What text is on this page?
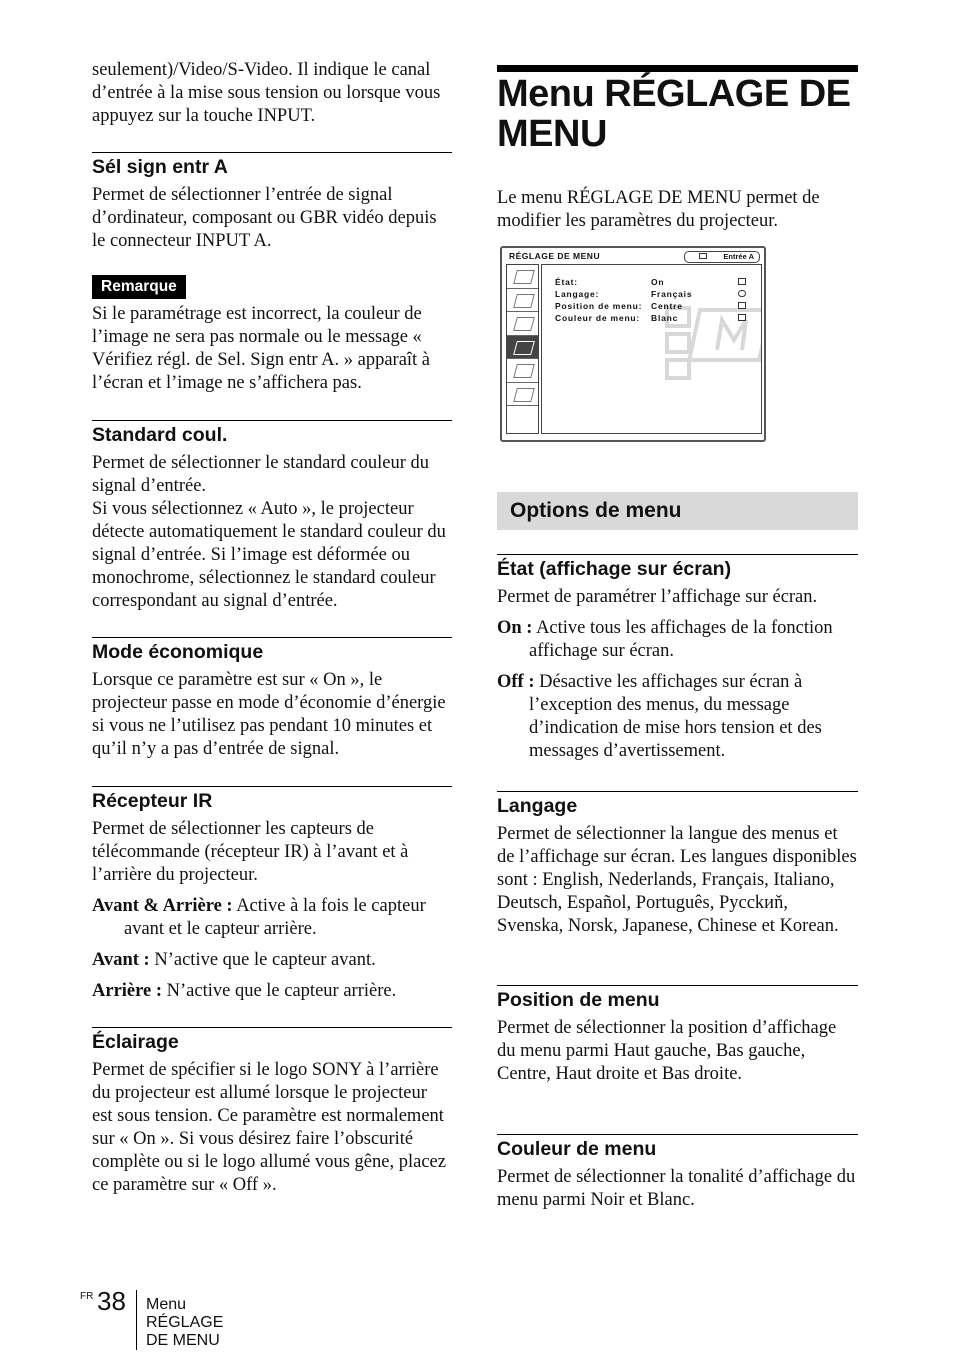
seulement)/Video/S-Video. Il indique le canal d’entrée à la mise sous tension ou lorsque vous appuyez sur la touche INPUT.

Sél sign entr A

Permet de sélectionner l’entrée de signal d’ordinateur, composant ou GBR vidéo depuis le connecteur INPUT A.

Remarque

Si le paramétrage est incorrect, la couleur de l’image ne sera pas normale ou le message « Vérifiez régl. de Sel. Sign entr A. » apparaît à l’écran et l’image ne s’affichera pas.

Standard coul.

Permet de sélectionner le standard couleur du signal d’entrée.

Si vous sélectionnez « Auto », le projecteur détecte automatiquement le standard couleur du signal d’entrée. Si l’image est déformée ou monochrome, sélectionnez le standard couleur correspondant au signal d’entrée.

Mode économique

Lorsque ce paramètre est sur « On », le projecteur passe en mode d’économie d’énergie si vous ne l’utilisez pas pendant 10 minutes et qu’il n’y a pas d’entrée de signal.

Récepteur IR

Permet de sélectionner les capteurs de télécommande (récepteur IR) à l’avant et à l’arrière du projecteur.

Avant & Arrière : Active à la fois le capteur avant et le capteur arrière.

Avant : N’active que le capteur avant.

Arrière : N’active que le capteur arrière.

Éclairage

Permet de spécifier si le logo SONY à l’arrière du projecteur est allumé lorsque le projecteur est sous tension. Ce paramètre est normalement sur « On ». Si vous désirez faire l’obscurité complète ou si le logo allumé vous gêne, placez ce paramètre sur « Off ».

Menu RÉGLAGE DE
MENU

Le menu RÉGLAGE DE MENU permet de modifier les paramètres du projecteur.

RÉGLAGE DE MENU	Entrée A
État:	On
Langage:	Français
Position de menu: Centre
Couleur de menu: Blanc
Options de menu
État (affichage sur écran)

Permet de paramétrer l’affichage sur écran.

On : Active tous les affichages de la fonction affichage sur écran.

Off : Désactive les affichages sur écran à l’exception des menus, du message d’indication de mise hors tension et des messages d’avertissement.

Langage

Permet de sélectionner la langue des menus et de l’affichage sur écran. Les langues disponibles sont : English, Nederlands, Français, Italiano, Deutsch, Español, Português, Pycckиň, Svenska, Norsk, Japanese, Chinese et Korean.

Position de menu

Permet de sélectionner la position d’affichage du menu parmi Haut gauche, Bas gauche, Centre, Haut droite et Bas droite.

Couleur de menu

Permet de sélectionner la tonalité d’affichage du menu parmi Noir et Blanc.

FR 38 Menu RÉGLAGE DE MENU
